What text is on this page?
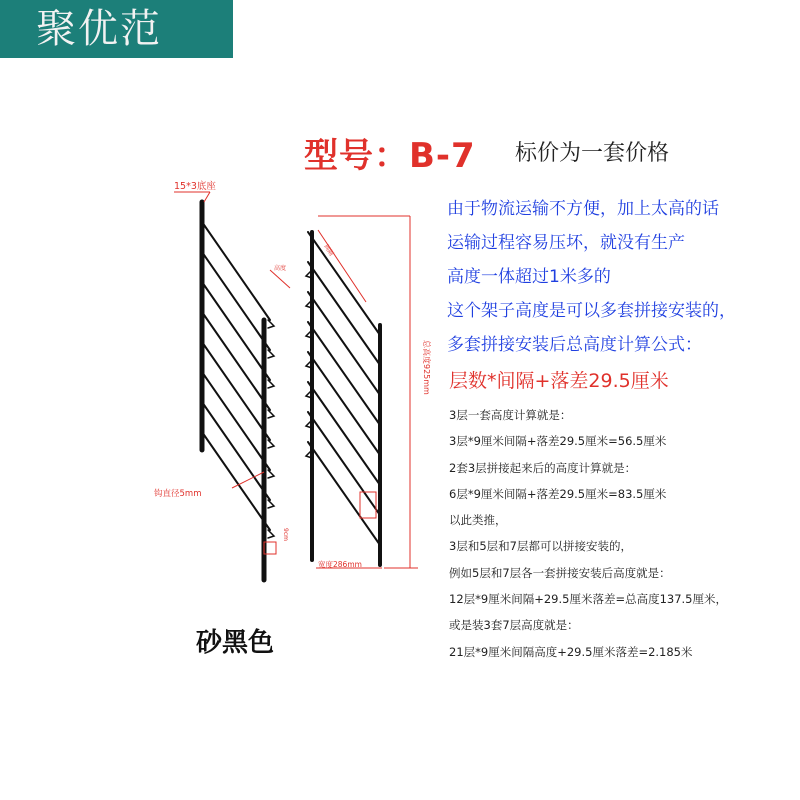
聚优范
型号：B-7 标价为一套价格
由于物流运输不方便，加上太高的话
运输过程容易压坏，就没有生产
高度一体超过1米多的
这个架子高度是可以多套拼接安装的，
多套拼接安装后总高度计算公式：
层数*间隔+落差29.5厘米
3层一套高度计算就是：
3层*9厘米间隔+落差29.5厘米=56.5厘米
2套3层拼接起来后的高度计算就是：
6层*9厘米间隔+落差29.5厘米=83.5厘米
以此类推，
3层和5层和7层都可以拼接安装的，
例如5层和7层各一套拼接安装后高度就是：
12层*9厘米间隔+29.5厘米落差=总高度137.5厘米，
或是装3套7层高度就是：
21层*9厘米间隔高度+29.5厘米落差=2.185米
15*3底座
钩直径5mm
宽度286mm
总高度925mm
间隔
高度
9cm
砂黑色
